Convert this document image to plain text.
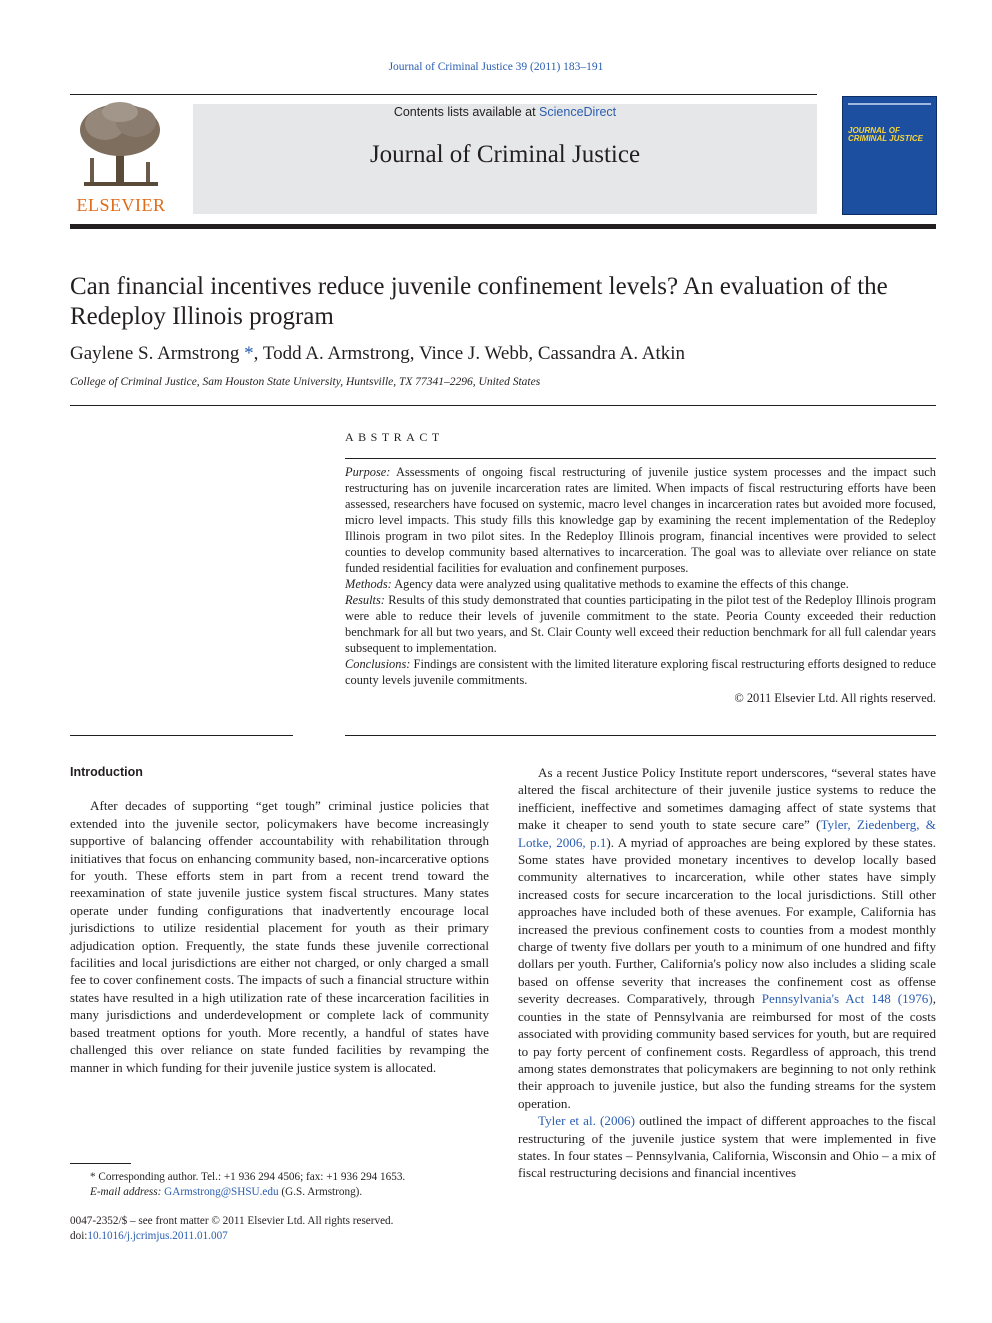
Journal of Criminal Justice 39 (2011) 183–191
ELSEVIER
Contents lists available at ScienceDirect
Journal of Criminal Justice
JOURNAL OF CRIMINAL JUSTICE
Can financial incentives reduce juvenile confinement levels? An evaluation of the Redeploy Illinois program
Gaylene S. Armstrong *, Todd A. Armstrong, Vince J. Webb, Cassandra A. Atkin
College of Criminal Justice, Sam Houston State University, Huntsville, TX 77341–2296, United States
ABSTRACT

Purpose: Assessments of ongoing fiscal restructuring of juvenile justice system processes and the impact such restructuring has on juvenile incarceration rates are limited. When impacts of fiscal restructuring efforts have been assessed, researchers have focused on systemic, macro level changes in incarceration rates but avoided more focused, micro level impacts. This study fills this knowledge gap by examining the recent implementation of the Redeploy Illinois program in two pilot sites. In the Redeploy Illinois program, financial incentives were provided to select counties to develop community based alternatives to incarceration. The goal was to alleviate over reliance on state funded residential facilities for evaluation and confinement purposes.

Methods: Agency data were analyzed using qualitative methods to examine the effects of this change.

Results: Results of this study demonstrated that counties participating in the pilot test of the Redeploy Illinois program were able to reduce their levels of juvenile commitment to the state. Peoria County exceeded their reduction benchmark for all but two years, and St. Clair County well exceed their reduction benchmark for all full calendar years subsequent to implementation.

Conclusions: Findings are consistent with the limited literature exploring fiscal restructuring efforts designed to reduce county levels juvenile commitments.

© 2011 Elsevier Ltd. All rights reserved.

Introduction

After decades of supporting “get tough” criminal justice policies that extended into the juvenile sector, policymakers have become increasingly supportive of balancing offender accountability with rehabilitation through initiatives that focus on enhancing community based, non-incarcerative options for youth. These efforts stem in part from a recent trend toward the reexamination of state juvenile justice system fiscal structures. Many states operate under funding configurations that inadvertently encourage local jurisdictions to utilize residential placement for youth as their primary adjudication option. Frequently, the state funds these juvenile correctional facilities and local jurisdictions are either not charged, or only charged a small fee to cover confinement costs. The impacts of such a financial structure within states have resulted in a high utilization rate of these incarceration facilities in many jurisdictions and underdevelopment or complete lack of community based treatment options for youth. More recently, a handful of states have challenged this over reliance on state funded facilities by revamping the manner in which funding for their juvenile justice system is allocated.

As a recent Justice Policy Institute report underscores, “several states have altered the fiscal architecture of their juvenile justice systems to reduce the inefficient, ineffective and sometimes damaging affect of state systems that make it cheaper to send youth to state secure care” (Tyler, Ziedenberg, & Lotke, 2006, p.1). A myriad of approaches are being explored by these states. Some states have provided monetary incentives to develop locally based community alternatives to incarceration, while other states have simply increased costs for secure incarceration to the local jurisdictions. Still other approaches have included both of these avenues. For example, California has increased the previous confinement costs to counties from a modest monthly charge of twenty five dollars per youth to a minimum of one hundred and fifty dollars per youth. Further, California's policy now also includes a sliding scale based on offense severity that increases the confinement cost as offense severity decreases. Comparatively, through Pennsylvania's Act 148 (1976), counties in the state of Pennsylvania are reimbursed for most of the costs associated with providing community based services for youth, but are required to pay forty percent of confinement costs. Regardless of approach, this trend among states demonstrates that policymakers are beginning to not only rethink their approach to juvenile justice, but also the funding streams for the system operation.

Tyler et al. (2006) outlined the impact of different approaches to the fiscal restructuring of the juvenile justice system that were implemented in five states. In four states – Pennsylvania, California, Wisconsin and Ohio – a mix of fiscal restructuring decisions and financial incentives

* Corresponding author. Tel.: +1 936 294 4506; fax: +1 936 294 1653.

E-mail address: GArmstrong@SHSU.edu (G.S. Armstrong).

0047-2352/$ – see front matter © 2011 Elsevier Ltd. All rights reserved.

doi:10.1016/j.jcrimjus.2011.01.007
